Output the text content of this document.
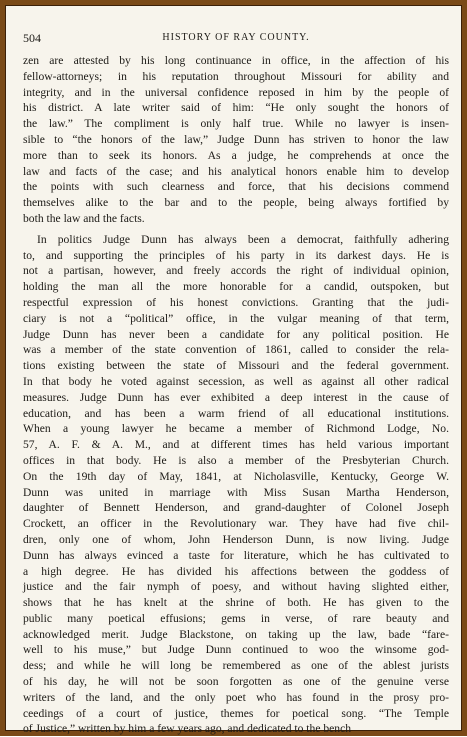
504	HISTORY OF RAY COUNTY.
zen are attested by his long continuance in office, in the affection of his
fellow-attorneys; in his reputation throughout Missouri for ability and
integrity, and in the universal confidence reposed in him by the people of
his district. A late writer said of him: “He only sought the honors of
the law.” The compliment is only half true. While no lawyer is insen-
sible to “the honors of the law,” Judge Dunn has striven to honor the law
more than to seek its honors. As a judge, he comprehends at once the
law and facts of the case; and his analytical honors enable him to develop
the points with such clearness and force, that his decisions commend
themselves alike to the bar and to the people, being always fortified by
both the law and the facts.
In politics Judge Dunn has always been a democrat, faithfully adhering
to, and supporting the principles of his party in its darkest days. He is
not a partisan, however, and freely accords the right of individual opinion,
holding the man all the more honorable for a candid, outspoken, but
respectful expression of his honest convictions. Granting that the judi-
ciary is not a “political” office, in the vulgar meaning of that term,
Judge Dunn has never been a candidate for any political position. He
was a member of the state convention of 1861, called to consider the rela-
tions existing between the state of Missouri and the federal government.
In that body he voted against secession, as well as against all other radical
measures. Judge Dunn has ever exhibited a deep interest in the cause of
education, and has been a warm friend of all educational institutions.
When a young lawyer he became a member of Richmond Lodge, No.
57, A. F. & A. M., and at different times has held various important
offices in that body. He is also a member of the Presbyterian Church.
On the 19th day of May, 1841, at Nicholasville, Kentucky, George W.
Dunn was united in marriage with Miss Susan Martha Henderson,
daughter of Bennett Henderson, and grand-daughter of Colonel Joseph
Crockett, an officer in the Revolutionary war. They have had five chil-
dren, only one of whom, John Henderson Dunn, is now living. Judge
Dunn has always evinced a taste for literature, which he has cultivated to
a high degree. He has divided his affections between the goddess of
justice and the fair nymph of poesy, and without having slighted either,
shows that he has knelt at the shrine of both. He has given to the
public many poetical effusions; gems in verse, of rare beauty and
acknowledged merit. Judge Blackstone, on taking up the law, bade “fare-
well to his muse,” but Judge Dunn continued to woo the winsome god-
dess; and while he will long be remembered as one of the ablest jurists
of his day, he will not be soon forgotten as one of the genuine verse
writers of the land, and the only poet who has found in the prosy pro-
ceedings of a court of justice, themes for poetical song. “The Temple
of Justice,” written by him a few years ago, and dedicated to the bench
